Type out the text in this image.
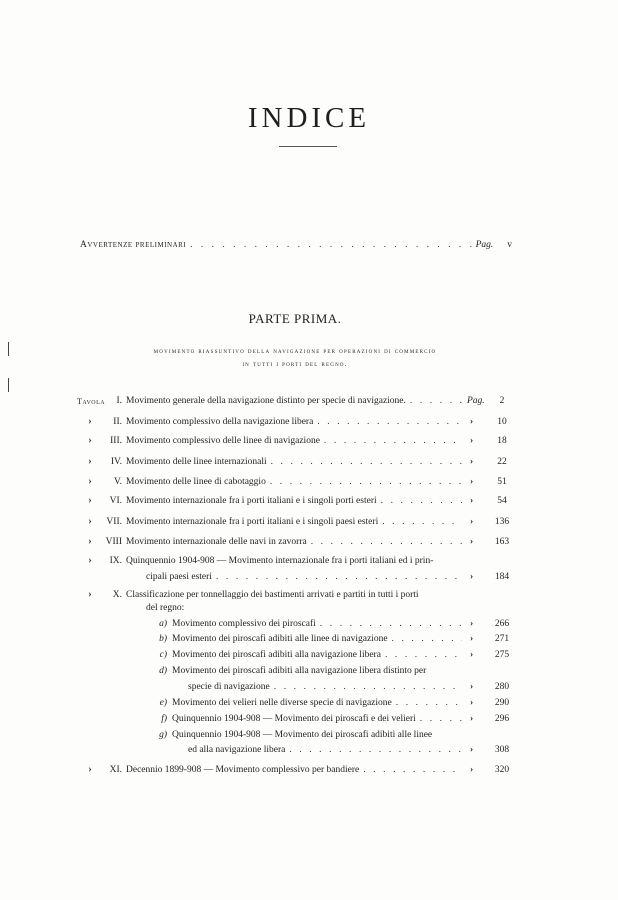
INDICE
Avvertenze preliminari . . .	Pag. v
PARTE PRIMA.
movimento riassuntivo della navigazione per operazioni di commercio
in tutti i porti del regno.
Tavola	I. Movimento generale della navigazione distinto per specie di navigazione. . . .	Pag.	2
›	II. Movimento complessivo della navigazione libera . . .	›	10
›	III. Movimento complessivo delle linee di navigazione . . .	›	18
›	IV. Movimento delle linee internazionali . . .	›	22
›	V. Movimento delle linee di cabotaggio . . .	›	51
›	VI. Movimento internazionale fra i porti italiani e i singoli porti esteri . . .	›	54
›	VII. Movimento internazionale fra i porti italiani e i singoli paesi esteri . . .	›	136
›	VIII Movimento internazionale delle navi in zavorra . . .	›	163
›	IX. Quinquennio 1904-908 — Movimento internazionale fra i porti italiani ed i prin-
cipali paesi esteri . . .	›	184
›	X. Classificazione per tonnellaggio dei bastimenti arrivati e partiti in tutti i porti
del regno:
a) Movimento complessivo dei piroscafi . . .	›	266
b) Movimento dei piroscafi adibiti alle linee di navigazione . . .	›	271
c) Movimento dei piroscafi adibiti alla navigazione libera . . .	›	275
d) Movimento dei piroscafi adibiti alla navigazione libera distinto per
specie di navigazione . . .	›	280
e) Movimento dei velieri nelle diverse specie di navigazione . . .	›	290
f) Quinquennio 1904-908 — Movimento dei piroscafi e dei velieri . . .	›	296
g) Quinquennio 1904-908 — Movimento dei piroscafi adibiti alle linee
ed alla navigazione libera . . .	›	308
›	XI. Decennio 1899-908 — Movimento complessivo per bandiere . . .	›	320
